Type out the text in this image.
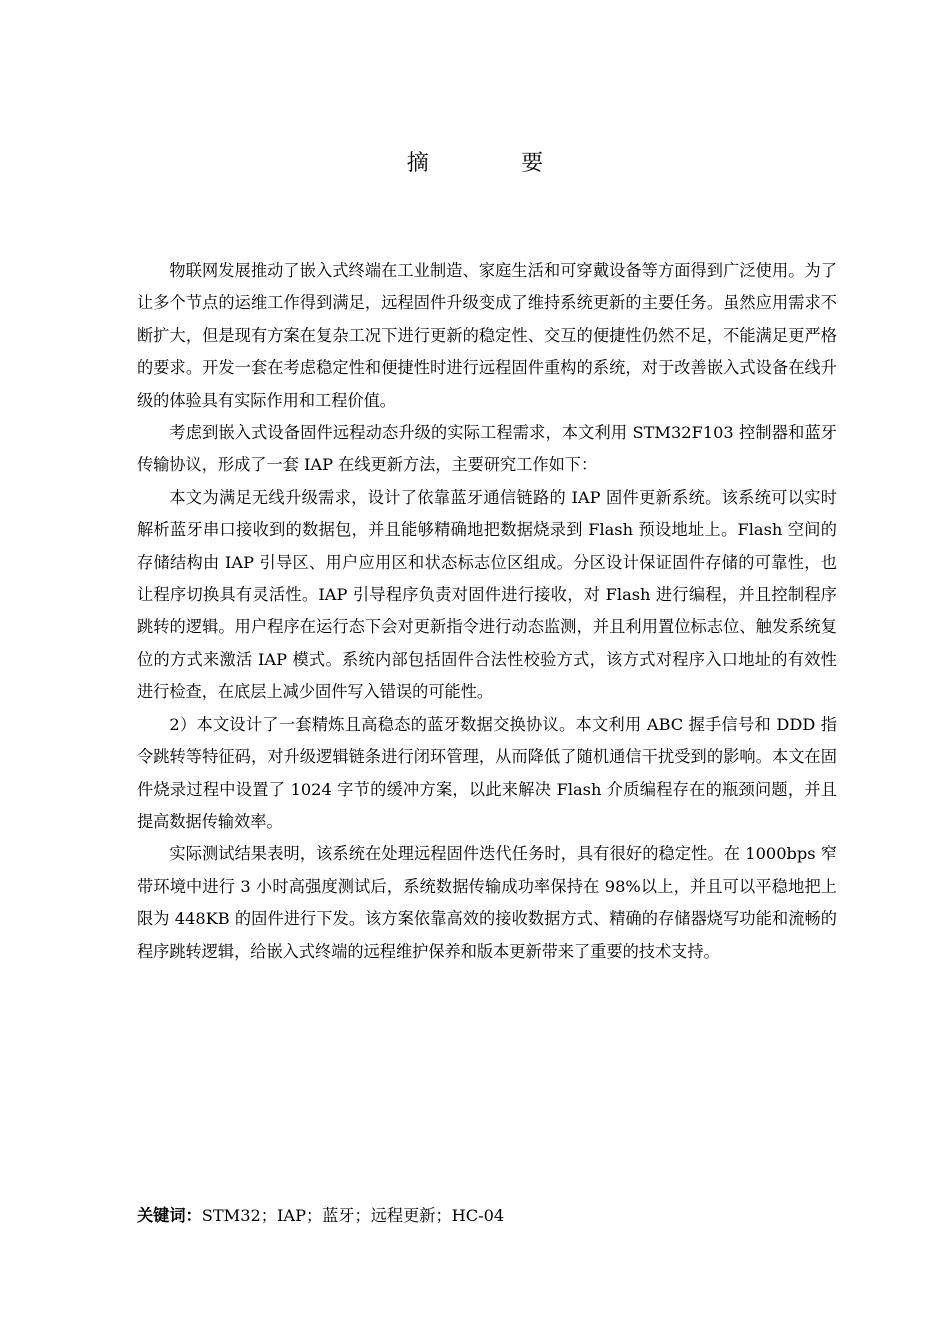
摘　要

物联网发展推动了嵌入式终端在工业制造、家庭生活和可穿戴设备等方面得到广泛使用。为了让多个节点的运维工作得到满足，远程固件升级变成了维持系统更新的主要任务。虽然应用需求不断扩大，但是现有方案在复杂工况下进行更新的稳定性、交互的便捷性仍然不足，不能满足更严格的要求。开发一套在考虑稳定性和便捷性时进行远程固件重构的系统，对于改善嵌入式设备在线升级的体验具有实际作用和工程价值。

考虑到嵌入式设备固件远程动态升级的实际工程需求，本文利用 STM32F103 控制器和蓝牙传输协议，形成了一套 IAP 在线更新方法，主要研究工作如下：

本文为满足无线升级需求，设计了依靠蓝牙通信链路的 IAP 固件更新系统。该系统可以实时解析蓝牙串口接收到的数据包，并且能够精确地把数据烧录到 Flash 预设地址上。Flash 空间的存储结构由 IAP 引导区、用户应用区和状态标志位区组成。分区设计保证固件存储的可靠性，也让程序切换具有灵活性。IAP 引导程序负责对固件进行接收，对 Flash 进行编程，并且控制程序跳转的逻辑。用户程序在运行态下会对更新指令进行动态监测，并且利用置位标志位、触发系统复位的方式来激活 IAP 模式。系统内部包括固件合法性校验方式，该方式对程序入口地址的有效性进行检查，在底层上减少固件写入错误的可能性。

2）本文设计了一套精炼且高稳态的蓝牙数据交换协议。本文利用 ABC 握手信号和 DDD 指令跳转等特征码，对升级逻辑链条进行闭环管理，从而降低了随机通信干扰受到的影响。本文在固件烧录过程中设置了 1024 字节的缓冲方案，以此来解决 Flash 介质编程存在的瓶颈问题，并且提高数据传输效率。

实际测试结果表明，该系统在处理远程固件迭代任务时，具有很好的稳定性。在 1000bps 窄带环境中进行 3 小时高强度测试后，系统数据传输成功率保持在 98%以上，并且可以平稳地把上限为 448KB 的固件进行下发。该方案依靠高效的接收数据方式、精确的存储器烧写功能和流畅的程序跳转逻辑，给嵌入式终端的远程维护保养和版本更新带来了重要的技术支持。

关键词：STM32；IAP；蓝牙；远程更新；HC-04
